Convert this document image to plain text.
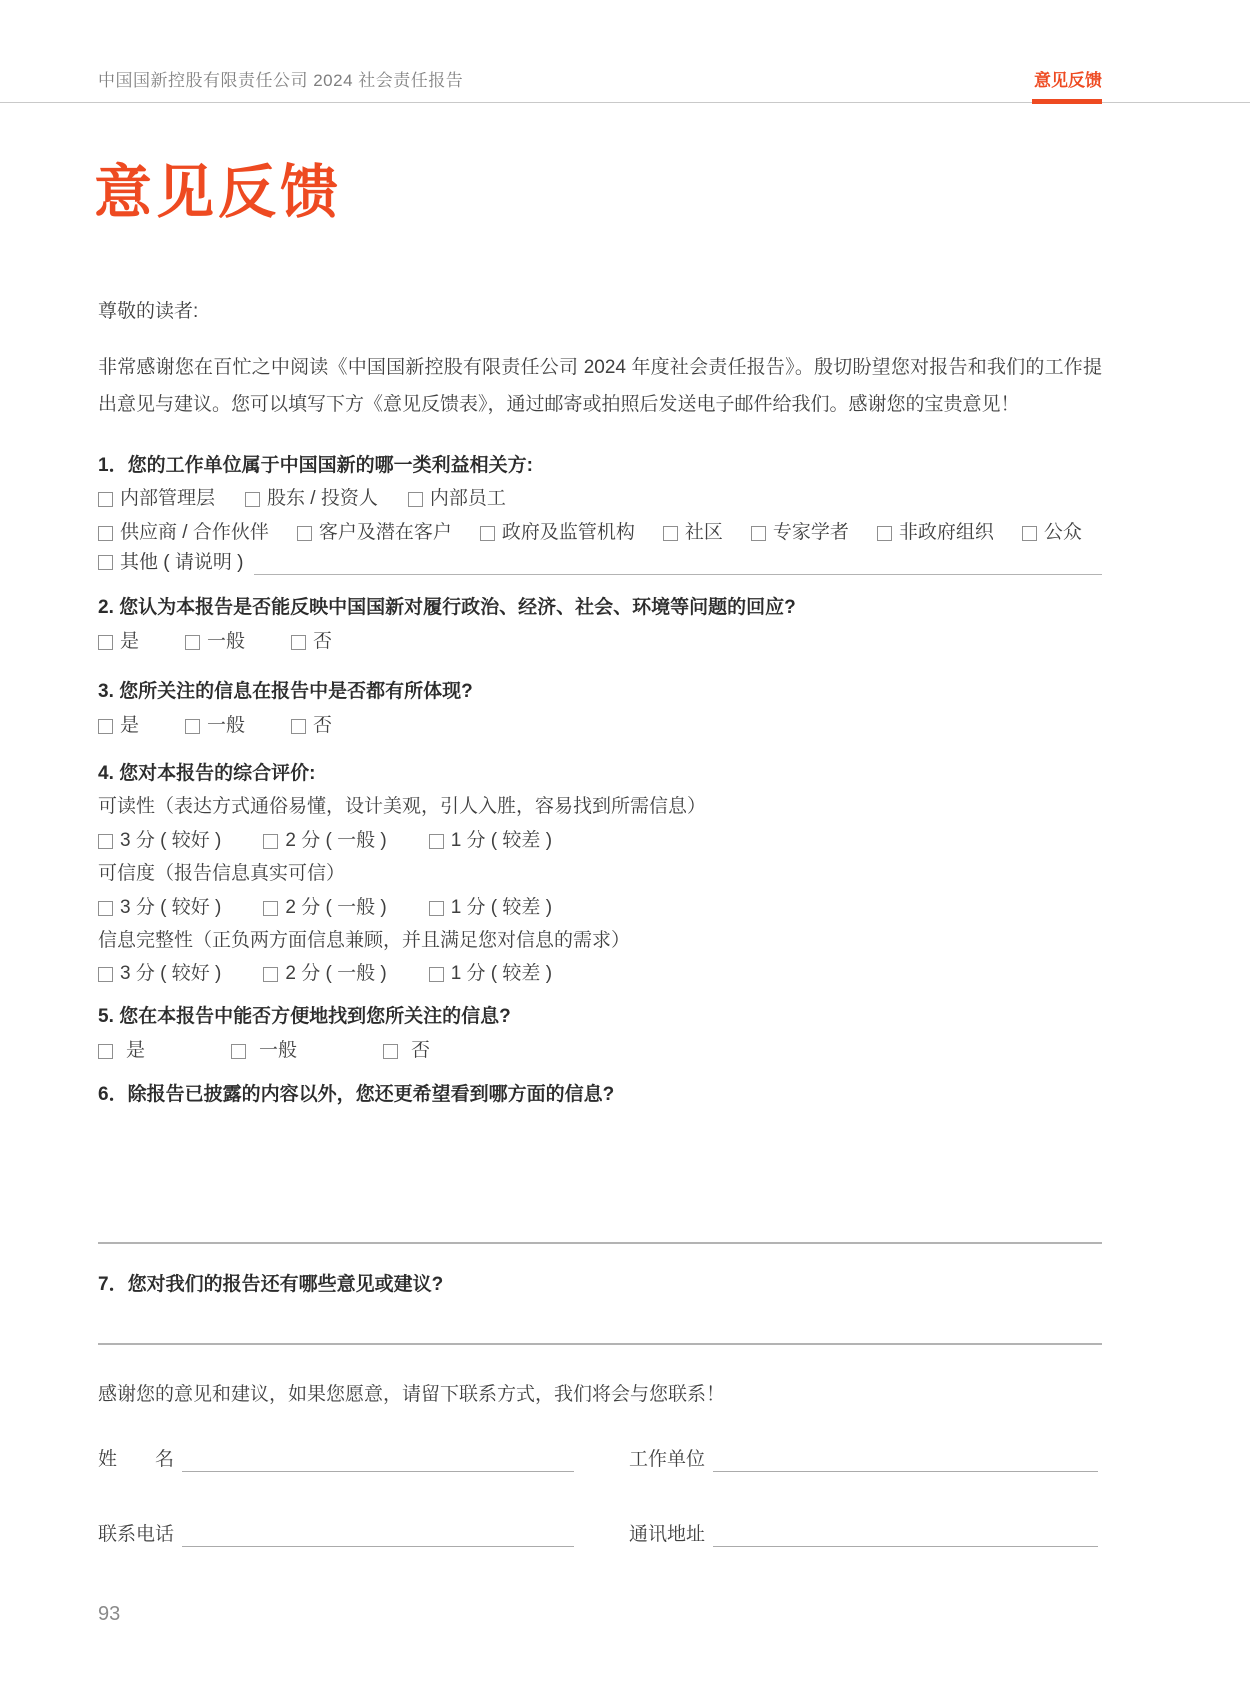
中国国新控股有限责任公司 2024 社会责任报告	意见反馈
意见反馈
尊敬的读者:
非常感谢您在百忙之中阅读《中国国新控股有限责任公司 2024 年度社会责任报告》。殷切盼望您对报告和我们的工作提出意见与建议。您可以填写下方《意见反馈表》，通过邮寄或拍照后发送电子邮件给我们。感谢您的宝贵意见！
1．您的工作单位属于中国国新的哪一类利益相关方:
内部管理层	股东 / 投资人	内部员工
供应商 / 合作伙伴	客户及潜在客户	政府及监管机构	社区	专家学者	非政府组织	公众
其他 ( 请说明 )
2. 您认为本报告是否能反映中国国新对履行政治、经济、社会、环境等问题的回应?
是	一般	否
3. 您所关注的信息在报告中是否都有所体现?
是	一般	否
4. 您对本报告的综合评价:
可读性（表达方式通俗易懂，设计美观，引人入胜，容易找到所需信息）
3 分 ( 较好 )	2 分 ( 一般 )	1 分 ( 较差 )
可信度（报告信息真实可信）
3 分 ( 较好 )	2 分 ( 一般 )	1 分 ( 较差 )
信息完整性（正负两方面信息兼顾，并且满足您对信息的需求）
3 分 ( 较好 )	2 分 ( 一般 )	1 分 ( 较差 )
5. 您在本报告中能否方便地找到您所关注的信息?
是	一般	否
6．除报告已披露的内容以外，您还更希望看到哪方面的信息?
7．您对我们的报告还有哪些意见或建议?
感谢您的意见和建议，如果您愿意，请留下联系方式，我们将会与您联系！
姓　　名	工作单位
联系电话	通讯地址
93
